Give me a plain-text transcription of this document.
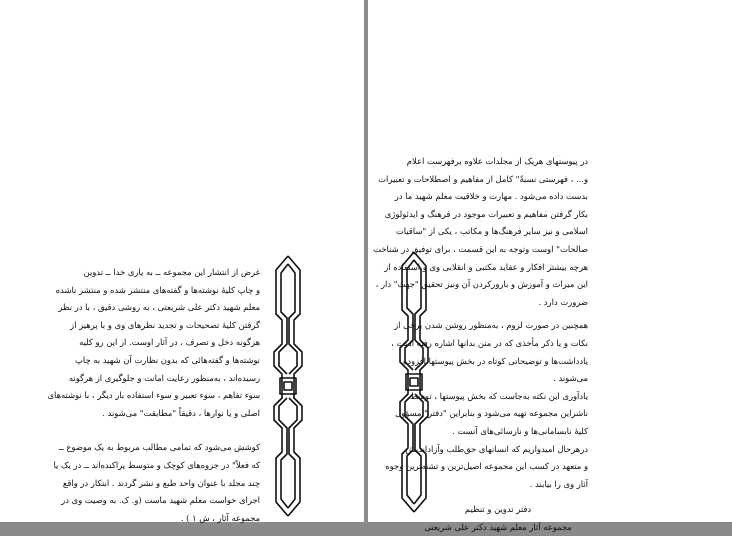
غرض از انتشار این مجموعه ــ به یاری خدا ــ تدوین

و چاپ کلیهٔ نوشته‌ها و گفته‌های منتشر شده و منتشر ناشده

معلم شهید دکتر علی شریعتی ، به روشی دقیق ، با در نظر

گرفتن کلیهٔ تصحیحات و تجدید نظرهای وی و با پرهیز از

هرگونه دخل و تصرف ، در آثار اوست. از این رو کلیه

نوشته‌ها و گفته‌هائی که بدون نظارت آن شهید به چاپ

رسیده‌اند ، به‌منظور رعایت امانت و جلوگیری از هرگونه

سوء تفاهم ، سوء تعبیر و سوء استفاده بار دیگر ، با نوشته‌های

اصلی و یا نوارها ، دقیقاً "مطابقت" می‌شوند .

کوشش می‌شود که تمامی مطالب مربوط به یک موضوع ــ

که فعلاً" در جزوه‌های کوچک و متوسط پراکنده‌اند ــ در یک یا

چند مجلد با عنوان واحد طبع و نشر گردند . ابتکار در واقع

اجرای خواست معلم شهید ماست (و. ک. به وصیت وی در

مجموعه آثار ، ش ۱ ) .

در پیوستهای هریک از مجلدات علاوه برفهرست اعلام

و... ، فهرستی نسبةً" کامل از مفاهیم و اصطلاحات و تعبیرات

بدست داده می‌شود . مهارت و خلاقیت معلم شهید ما در

بکار گرفتن مفاهیم و تعبیرات موجود در فرهنگ و ایدئولوژی

اسلامی و نیز سایر فرهنگ‌ها و مکاتب ، یکی از "ساقیات

صالحات" اوست وتوجه به این قسمت ، برای توفیق در شناخت

هرچه بیشتر افکار و عقاید مکتبی و انقلابی وی و استفاده از

این میراث و آموزش و بارورکردن آن ونیز تحقیق "جهت" دار ،

ضرورت دارد .

همچنین در صورت لزوم ، به‌منظور روشن شدن برخی از

نکات و یا ذکر مأخذی که در متن بدانها اشاره رفته است ،

یادداشت‌ها و توضیحاتی کوتاه در بخش پیوستها افزوده

می‌شوند .

یادآوری این نکته به‌جاست که بخش پیوستها ، توسط

ناشراین مجموعه تهیه می‌شود و بنابراین "دفتر" مسؤول

کلیهٔ نابسامانی‌ها و نارسائی‌های آنست .

درهرحال امیدواریم که انسانهای حق‌طلب وآزاداندیش

و متعهد در کسب این مجموعه اصیل‌ترین و تشنه‌ترین وجوه

آثار وی را بیابند .

دفتر تدوین و تنظیم

مجموعه آثار معلم شهید دکتر علی شریعتی
